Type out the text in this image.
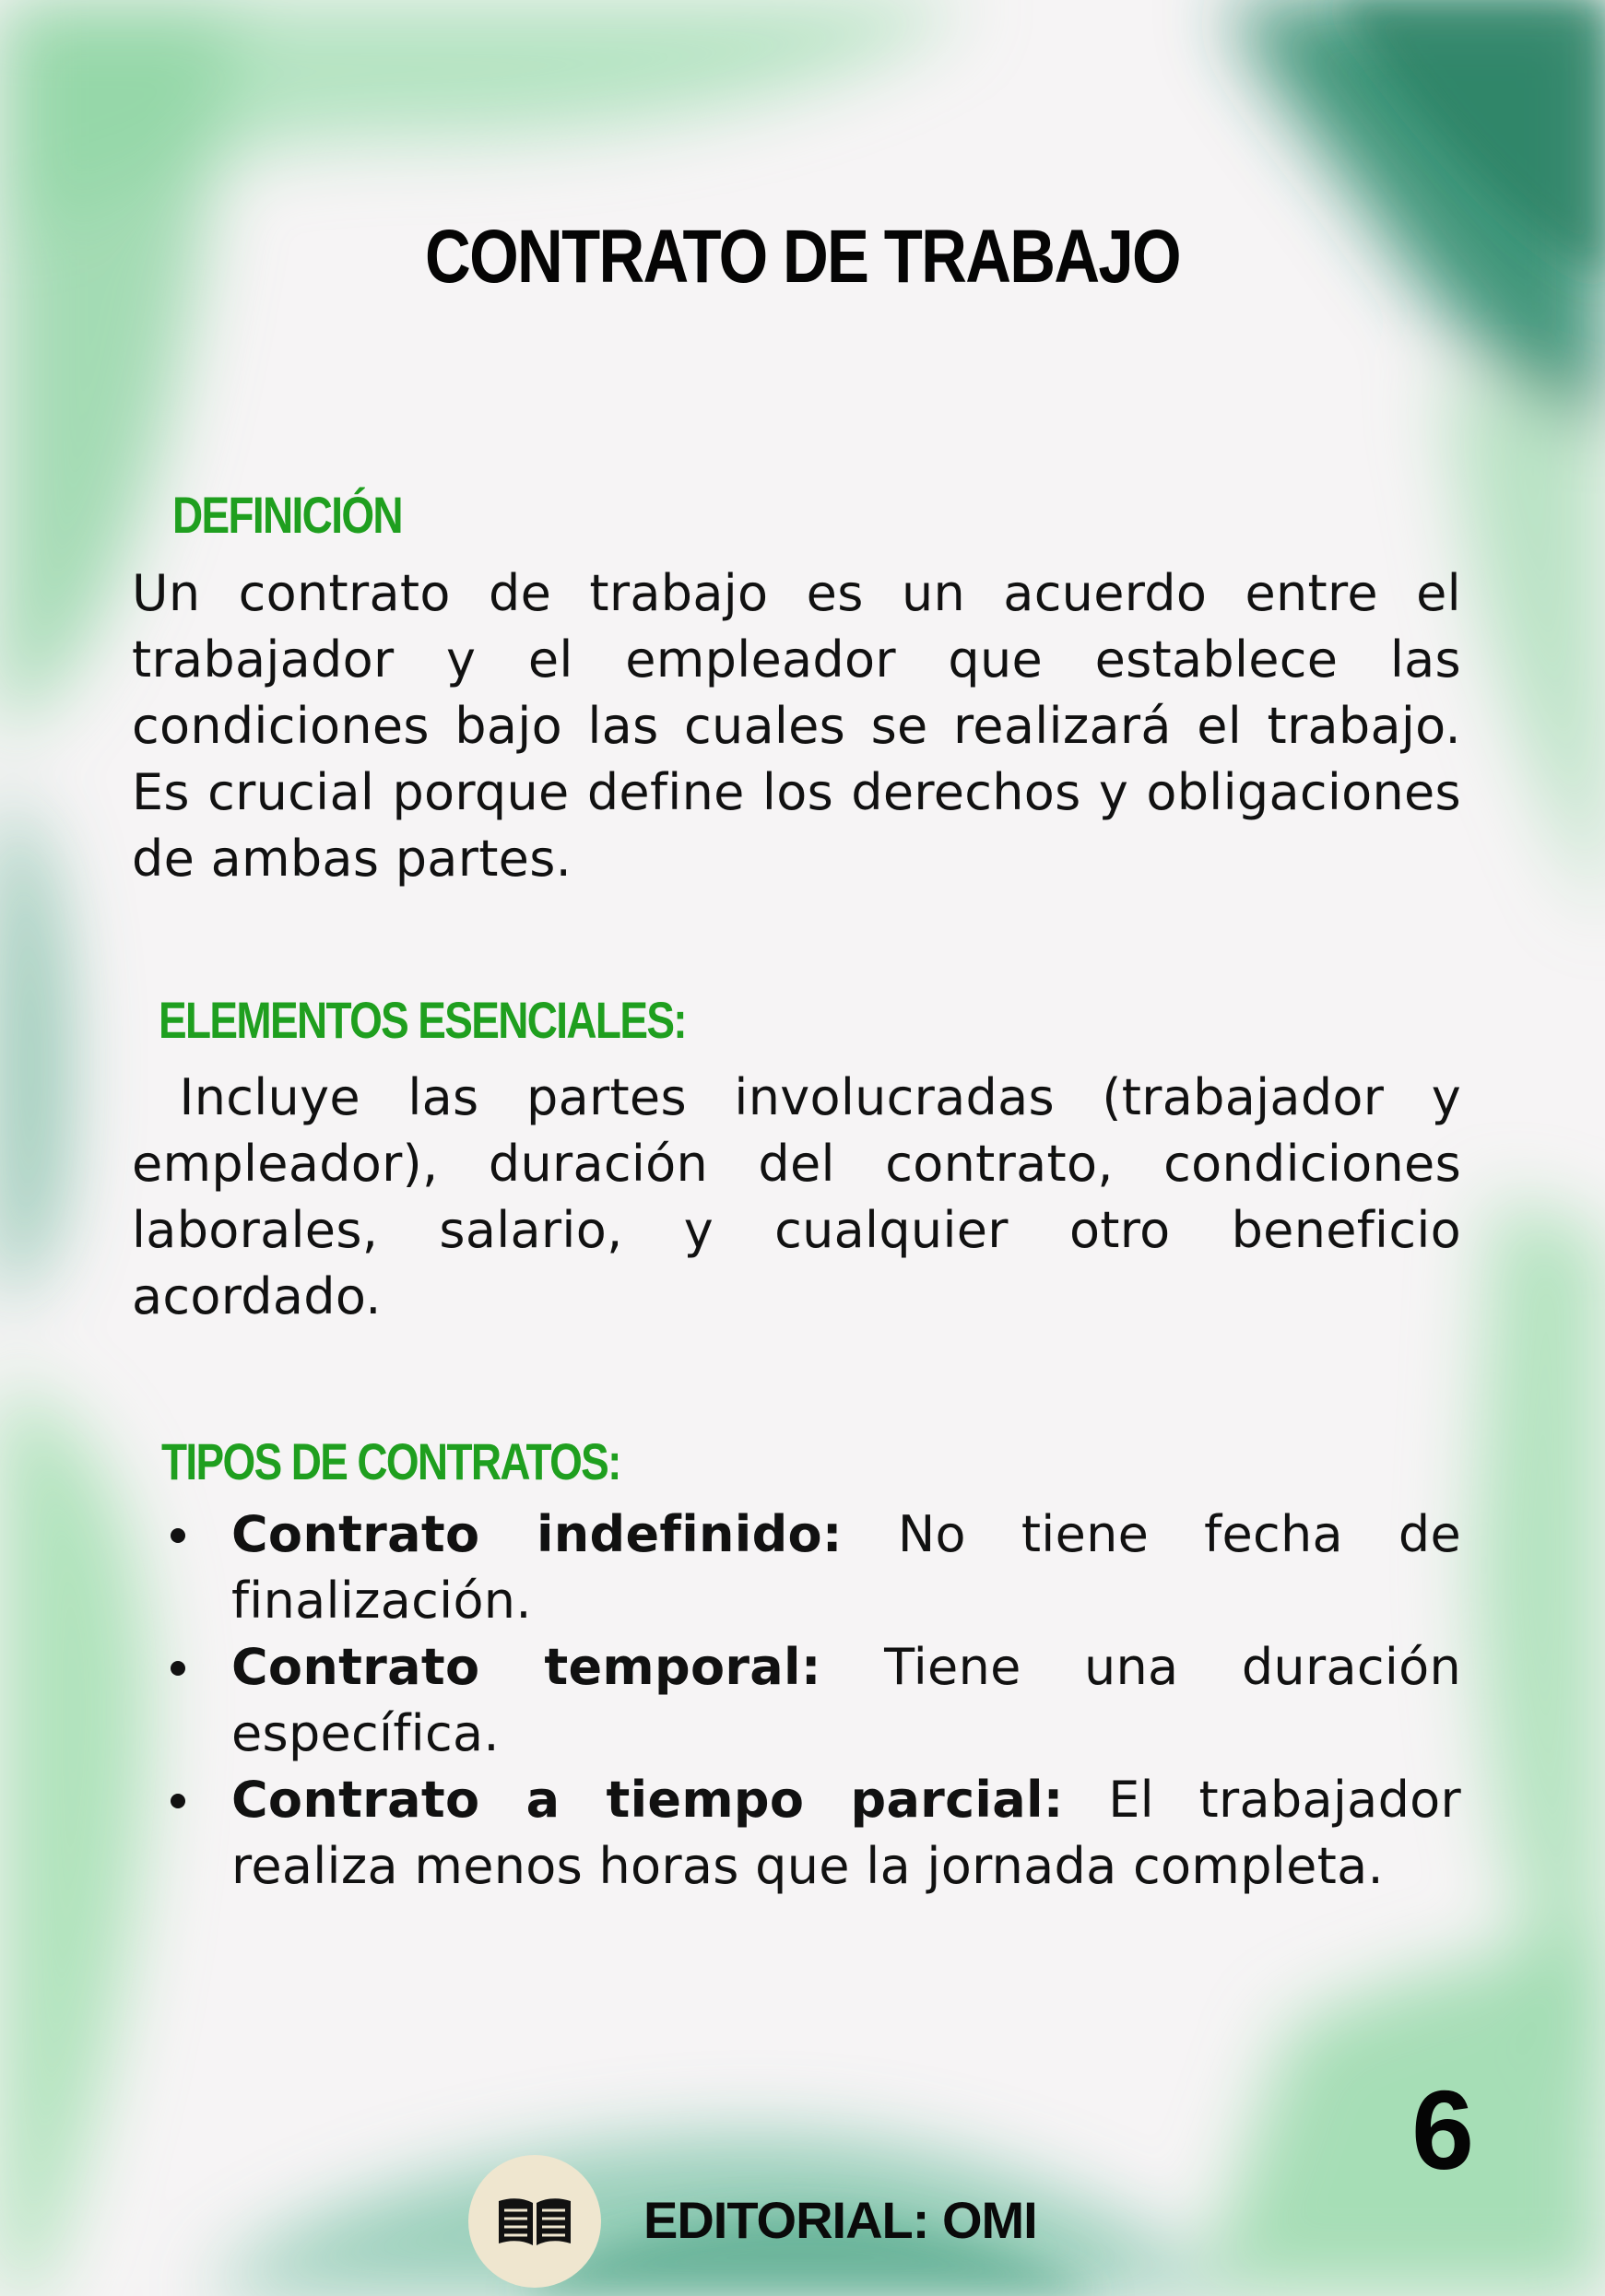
CONTRATO DE TRABAJO
DEFINICIÓN

Un contrato de trabajo es un acuerdo entre el trabajador y el empleador que establece las condiciones bajo las cuales se realizará el trabajo. Es crucial porque define los derechos y obligaciones de ambas partes.

ELEMENTOS ESENCIALES:

Incluye las partes involucradas (trabajador y empleador), duración del contrato, condiciones laborales, salario, y cualquier otro beneficio acordado.

TIPOS DE CONTRATOS:
Contrato indefinido: No tiene fecha de finalización.
Contrato temporal: Tiene una duración específica.
Contrato a tiempo parcial: El trabajador realiza menos horas que la jornada completa.

EDITORIAL: OMI

6
